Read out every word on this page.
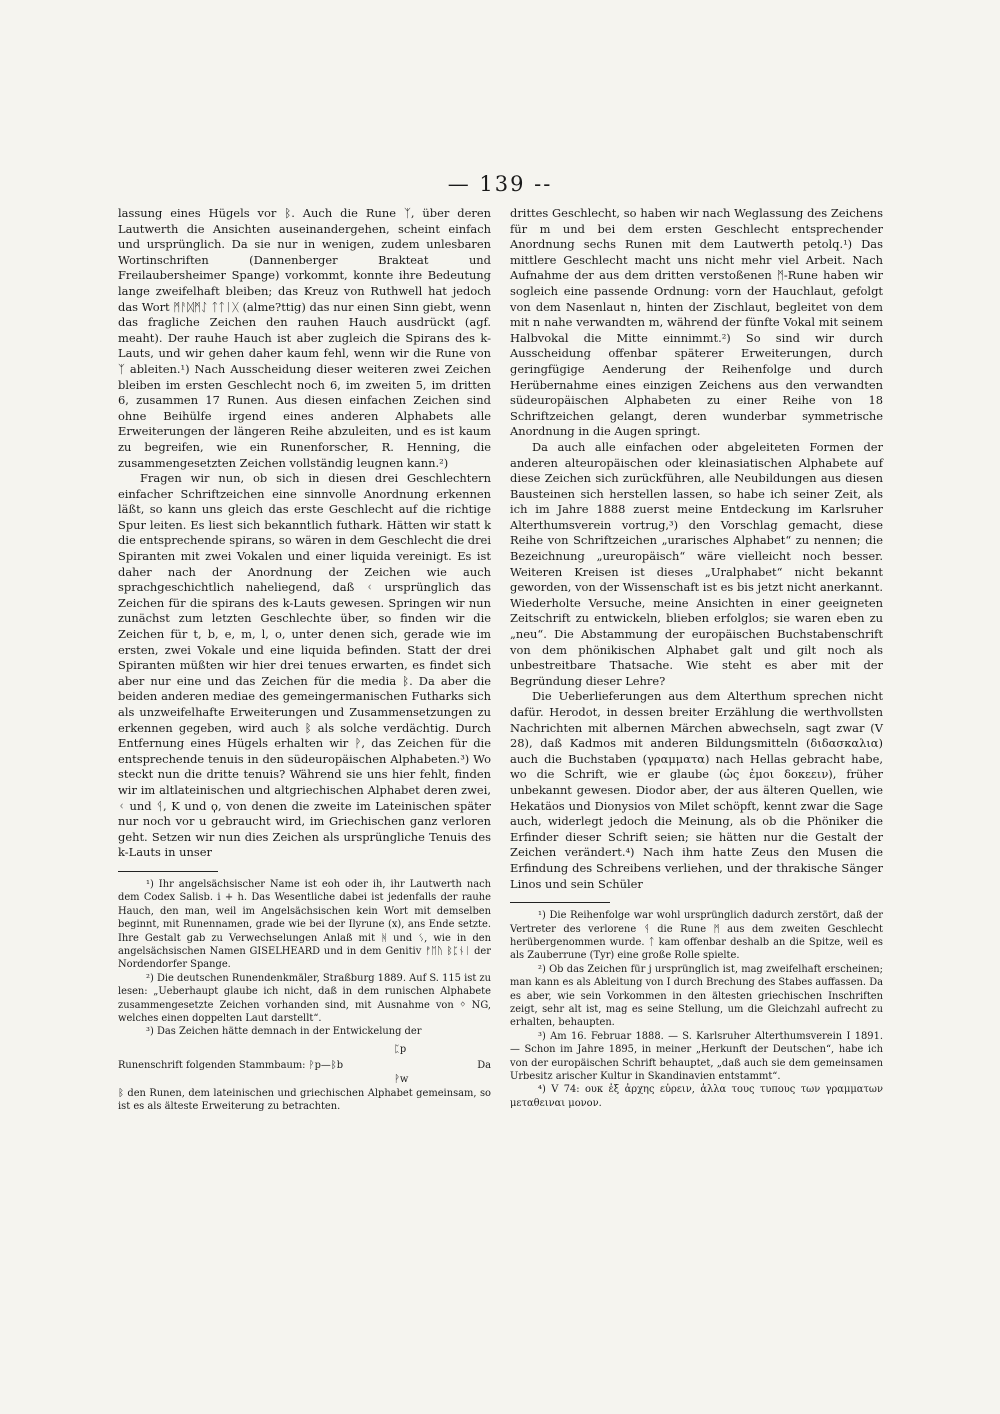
— 139 --

lassung eines Hügels vor ᛒ. Auch die Rune ᛉ, über deren Lautwerth die Ansichten auseinandergehen, scheint einfach und ursprünglich. Da sie nur in wenigen, zudem unlesbaren Wortinschriften (Dannenberger Brakteat und Freilaubersheimer Spange) vorkommt, konnte ihre Bedeutung lange zweifelhaft bleiben; das Kreuz von Ruthwell hat jedoch das Wort ᛗᚨᛞᛗᛇ ᛏᛏᛁᚷ (alme?ttig) das nur einen Sinn giebt, wenn das fragliche Zeichen den rauhen Hauch ausdrückt (agf. meaht). Der rauhe Hauch ist aber zugleich die Spirans des k-Lauts, und wir gehen daher kaum fehl, wenn wir die Rune von ᛉ ableiten.¹) Nach Ausscheidung dieser weiteren zwei Zeichen bleiben im ersten Geschlecht noch 6, im zweiten 5, im dritten 6, zusammen 17 Runen. Aus diesen einfachen Zeichen sind ohne Beihülfe irgend eines anderen Alphabets alle Erweiterungen der längeren Reihe abzuleiten, und es ist kaum zu begreifen, wie ein Runenforscher, R. Henning, die zusammengesetzten Zeichen vollständig leugnen kann.²)

Fragen wir nun, ob sich in diesen drei Geschlechtern einfacher Schriftzeichen eine sinnvolle Anordnung erkennen läßt, so kann uns gleich das erste Geschlecht auf die richtige Spur leiten. Es liest sich bekanntlich futhark. Hätten wir statt k die entsprechende spirans, so wären in dem Geschlecht die drei Spiranten mit zwei Vokalen und einer liquida vereinigt. Es ist daher nach der Anordnung der Zeichen wie auch sprachgeschichtlich naheliegend, daß ᚲ ursprünglich das Zeichen für die spirans des k-Lauts gewesen. Springen wir nun zunächst zum letzten Geschlechte über, so finden wir die Zeichen für t, b, e, m, l, o, unter denen sich, gerade wie im ersten, zwei Vokale und eine liquida befinden. Statt der drei Spiranten müßten wir hier drei tenues erwarten, es findet sich aber nur eine und das Zeichen für die media ᛒ. Da aber die beiden anderen mediae des gemeingermanischen Futharks sich als unzweifelhafte Erweiterungen und Zusammensetzungen zu erkennen gegeben, wird auch ᛒ als solche verdächtig. Durch Entfernung eines Hügels erhalten wir ᚹ, das Zeichen für die entsprechende tenuis in den südeuropäischen Alphabeten.³) Wo steckt nun die dritte tenuis? Während sie uns hier fehlt, finden wir im altlateinischen und altgriechischen Alphabet deren zwei, ᚲ und ᛩ, K und ϙ, von denen die zweite im Lateinischen später nur noch vor u gebraucht wird, im Griechischen ganz verloren geht. Setzen wir nun dies Zeichen als ursprüngliche Tenuis des k-Lauts in unser

¹) Ihr angelsächsischer Name ist eoh oder ih, ihr Lautwerth nach dem Codex Salisb. i + h. Das Wesentliche dabei ist jedenfalls der rauhe Hauch, den man, weil im Angelsächsischen kein Wort mit demselben beginnt, mit Runennamen, grade wie bei der Ilyrune (x), ans Ende setzte. Ihre Gestalt gab zu Verwechselungen Anlaß mit ᚻ und ᛊ, wie in den angelsächsischen Namen GISELHEARD und in dem Genitiv ᚠᛖᚢ ᛒᛈᚾᛁ der Nordendorfer Spange.

²) Die deutschen Runendenkmäler, Straßburg 1889. Auf S. 115 ist zu lesen: „Ueberhaupt glaube ich nicht, daß in dem runischen Alphabete zusammengesetzte Zeichen vorhanden sind, mit Ausnahme von ᛜ NG, welches einen doppelten Laut darstellt“.

³) Das Zeichen hätte demnach in der Entwickelung der

Runenschrift folgenden Stammbaum: ᚹp—ᛒb
ᛈp
ᚹw
Da

ᛒ den Runen, dem lateinischen und griechischen Alphabet gemeinsam, so ist es als älteste Erweiterung zu betrachten.

drittes Geschlecht, so haben wir nach Weglassung des Zeichens für m und bei dem ersten Geschlecht entsprechender Anordnung sechs Runen mit dem Lautwerth petolq.¹) Das mittlere Geschlecht macht uns nicht mehr viel Arbeit. Nach Aufnahme der aus dem dritten verstoßenen ᛗ-Rune haben wir sogleich eine passende Ordnung: vorn der Hauchlaut, gefolgt von dem Nasenlaut n, hinten der Zischlaut, begleitet von dem mit n nahe verwandten m, während der fünfte Vokal mit seinem Halbvokal die Mitte einnimmt.²) So sind wir durch Ausscheidung offenbar späterer Erweiterungen, durch geringfügige Aenderung der Reihenfolge und durch Herübernahme eines einzigen Zeichens aus den verwandten südeuropäischen Alphabeten zu einer Reihe von 18 Schriftzeichen gelangt, deren wunderbar symmetrische Anordnung in die Augen springt.

Da auch alle einfachen oder abgeleiteten Formen der anderen alteuropäischen oder kleinasiatischen Alphabete auf diese Zeichen sich zurückführen, alle Neubildungen aus diesen Bausteinen sich herstellen lassen, so habe ich seiner Zeit, als ich im Jahre 1888 zuerst meine Entdeckung im Karlsruher Alterthumsverein vortrug,³) den Vorschlag gemacht, diese Reihe von Schriftzeichen „urarisches Alphabet“ zu nennen; die Bezeichnung „ureuropäisch“ wäre vielleicht noch besser. Weiteren Kreisen ist dieses „Uralphabet“ nicht bekannt geworden, von der Wissenschaft ist es bis jetzt nicht anerkannt. Wiederholte Versuche, meine Ansichten in einer geeigneten Zeitschrift zu entwickeln, blieben erfolglos; sie waren eben zu „neu“. Die Abstammung der europäischen Buchstabenschrift von dem phönikischen Alphabet galt und gilt noch als unbestreitbare Thatsache. Wie steht es aber mit der Begründung dieser Lehre?

Die Ueberlieferungen aus dem Alterthum sprechen nicht dafür. Herodot, in dessen breiter Erzählung die werthvollsten Nachrichten mit albernen Märchen abwechseln, sagt zwar (V 28), daß Kadmos mit anderen Bildungsmitteln (διδασκαλια) auch die Buchstaben (γραμματα) nach Hellas gebracht habe, wo die Schrift, wie er glaube (ὡς ἐμοι δοκεειν), früher unbekannt gewesen. Diodor aber, der aus älteren Quellen, wie Hekatäos und Dionysios von Milet schöpft, kennt zwar die Sage auch, widerlegt jedoch die Meinung, als ob die Phöniker die Erfinder dieser Schrift seien; sie hätten nur die Gestalt der Zeichen verändert.⁴) Nach ihm hatte Zeus den Musen die Erfindung des Schreibens verliehen, und der thrakische Sänger Linos und sein Schüler

¹) Die Reihenfolge war wohl ursprünglich dadurch zerstört, daß der Vertreter des verlorene ᛩ die Rune ᛗ aus dem zweiten Geschlecht herübergenommen wurde. ᛏ kam offenbar deshalb an die Spitze, weil es als Zauberrune (Tyr) eine große Rolle spielte.

²) Ob das Zeichen für j ursprünglich ist, mag zweifelhaft erscheinen; man kann es als Ableitung von I durch Brechung des Stabes auffassen. Da es aber, wie sein Vorkommen in den ältesten griechischen Inschriften zeigt, sehr alt ist, mag es seine Stellung, um die Gleichzahl aufrecht zu erhalten, behaupten.

³) Am 16. Februar 1888. — S. Karlsruher Alterthumsverein I 1891. — Schon im Jahre 1895, in meiner „Herkunft der Deutschen“, habe ich von der europäischen Schrift behauptet, „daß auch sie dem gemeinsamen Urbesitz arischer Kultur in Skandinavien entstammt“.

⁴) V 74: ουκ ἐξ ἀρχης εὑρειν, ἀλλα τους τυπους των γραμματων μεταθειναι μονον.
